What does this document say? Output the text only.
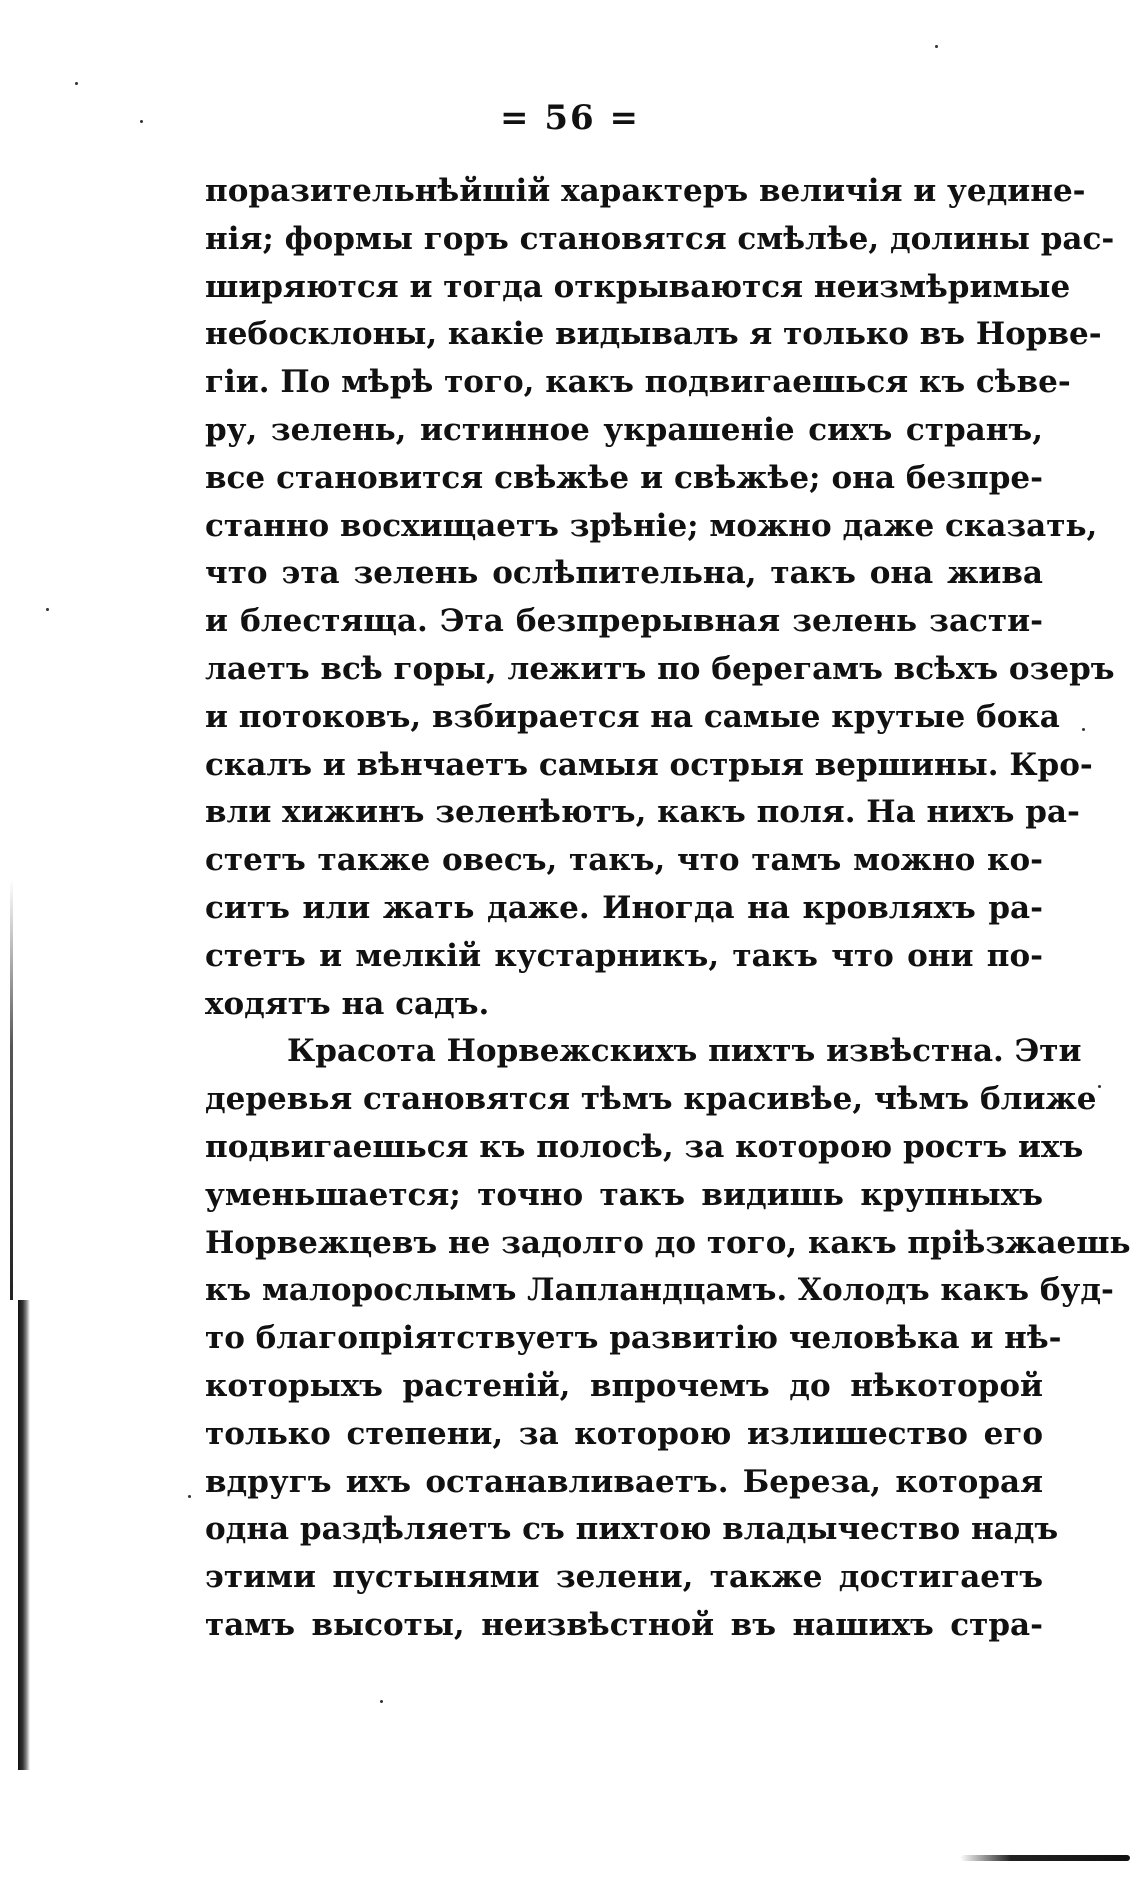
= 56 =
поразительнѣйшій характеръ величія и уедине-
нія; формы горъ становятся смѣлѣе, долины рас-
ширяются и тогда открываются неизмѣримые
небосклоны, какіе видывалъ я только въ Норве-
гіи. По мѣрѣ того, какъ подвигаешься къ сѣве-
ру, зелень, истинное украшеніе сихъ странъ,
все становится свѣжѣе и свѣжѣе; она безпре-
станно восхищаетъ зрѣніе; можно даже сказать,
что эта зелень ослѣпительна, такъ она жива
и блестяща. Эта безпрерывная зелень засти-
лаетъ всѣ горы, лежитъ по берегамъ всѣхъ озеръ
и потоковъ, взбирается на самые крутые бока
скалъ и вѣнчаетъ самыя острыя вершины. Кро-
вли хижинъ зеленѣютъ, какъ поля. На нихъ ра-
стетъ также овесъ, такъ, что тамъ можно ко-
ситъ или жать даже. Иногда на кровляхъ ра-
стетъ и мелкій кустарникъ, такъ что они по-
ходятъ на садъ.
Красота Норвежскихъ пихтъ извѣстна. Эти
деревья становятся тѣмъ красивѣе, чѣмъ ближе
подвигаешься къ полосѣ, за которою ростъ ихъ
уменьшается; точно такъ видишь крупныхъ
Норвежцевъ не задолго до того, какъ пріѣзжаешь
къ малорослымъ Лапландцамъ. Холодъ какъ буд-
то благопріятствуетъ развитію человѣка и нѣ-
которыхъ растеній, впрочемъ до нѣкоторой
только степени, за которою излишество его
вдругъ ихъ останавливаетъ. Береза, которая
одна раздѣляетъ съ пихтою владычество надъ
этими пустынями зелени, также достигаетъ
тамъ высоты, неизвѣстной въ нашихъ стра-
